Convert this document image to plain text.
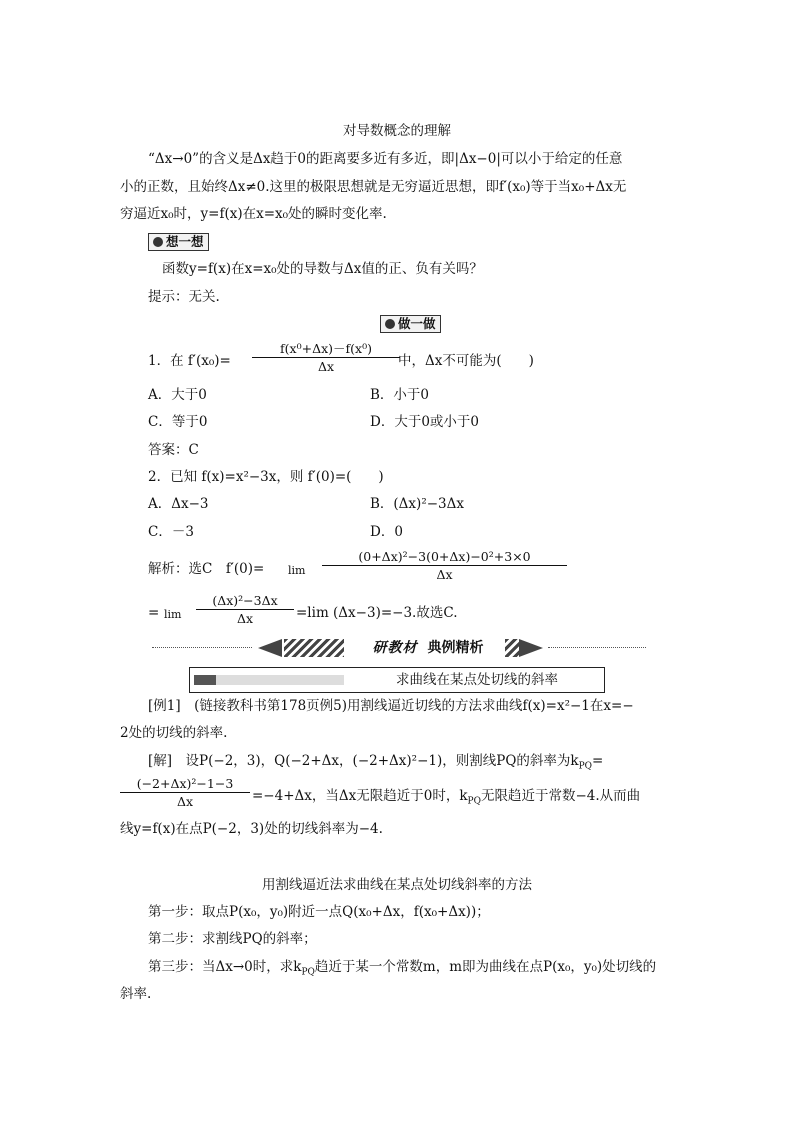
对导数概念的理解
“Δx→0”的含义是Δx趋于0的距离要多近有多近，即|Δx−0|可以小于给定的任意
小的正数，且始终Δx≠0.这里的极限思想就是无穷逼近思想，即f′(x₀)等于当x₀+Δx无
穷逼近x₀时，y=f(x)在x=x₀处的瞬时变化率.
想一想
函数y=f(x)在x=x₀处的导数与Δx值的正、负有关吗？
提示：无关.
做一做
1．在 f′(x₀)=
f(x⁰+Δx)－f(x⁰)
Δx	中，Δx不可能为(　　)
A．大于0	B．小于0
C．等于0	D．大于0或小于0
答案：C
2．已知 f(x)=x²−3x，则 f′(0)=(　　)
A．Δx−3	B．(Δx)²−3Δx
C．－3	D．0
解析：选C　f′(0)= lim
(0+Δx)²−3(0+Δx)−0²+3×0
Δx
= lim
(Δx)²−3Δx
Δx	=lim (Δx−3)=−3.故选C.
研教材 典例精析
求曲线在某点处切线的斜率
[例1]　(链接教科书第178页例5)用割线逼近切线的方法求曲线f(x)=x²−1在x=−
2处的切线的斜率.
[解]　设P(−2，3)，Q(−2+Δx，(−2+Δx)²−1)，则割线PQ的斜率为$k_{PQ}=$
(−2+Δx)²−1−3
Δx	=−4+Δx，当Δx无限趋近于0时，$k_{PQ}$无限趋近于常数−4.从而曲
线y=f(x)在点P(−2，3)处的切线斜率为−4.
用割线逼近法求曲线在某点处切线斜率的方法
第一步：取点P(x₀，y₀)附近一点Q(x₀+Δx，f(x₀+Δx))；
第二步：求割线PQ的斜率；
第三步：当Δx→0时，求$k_{PQ}$趋近于某一个常数m，m即为曲线在点P(x₀，y₀)处切线的
斜率.
